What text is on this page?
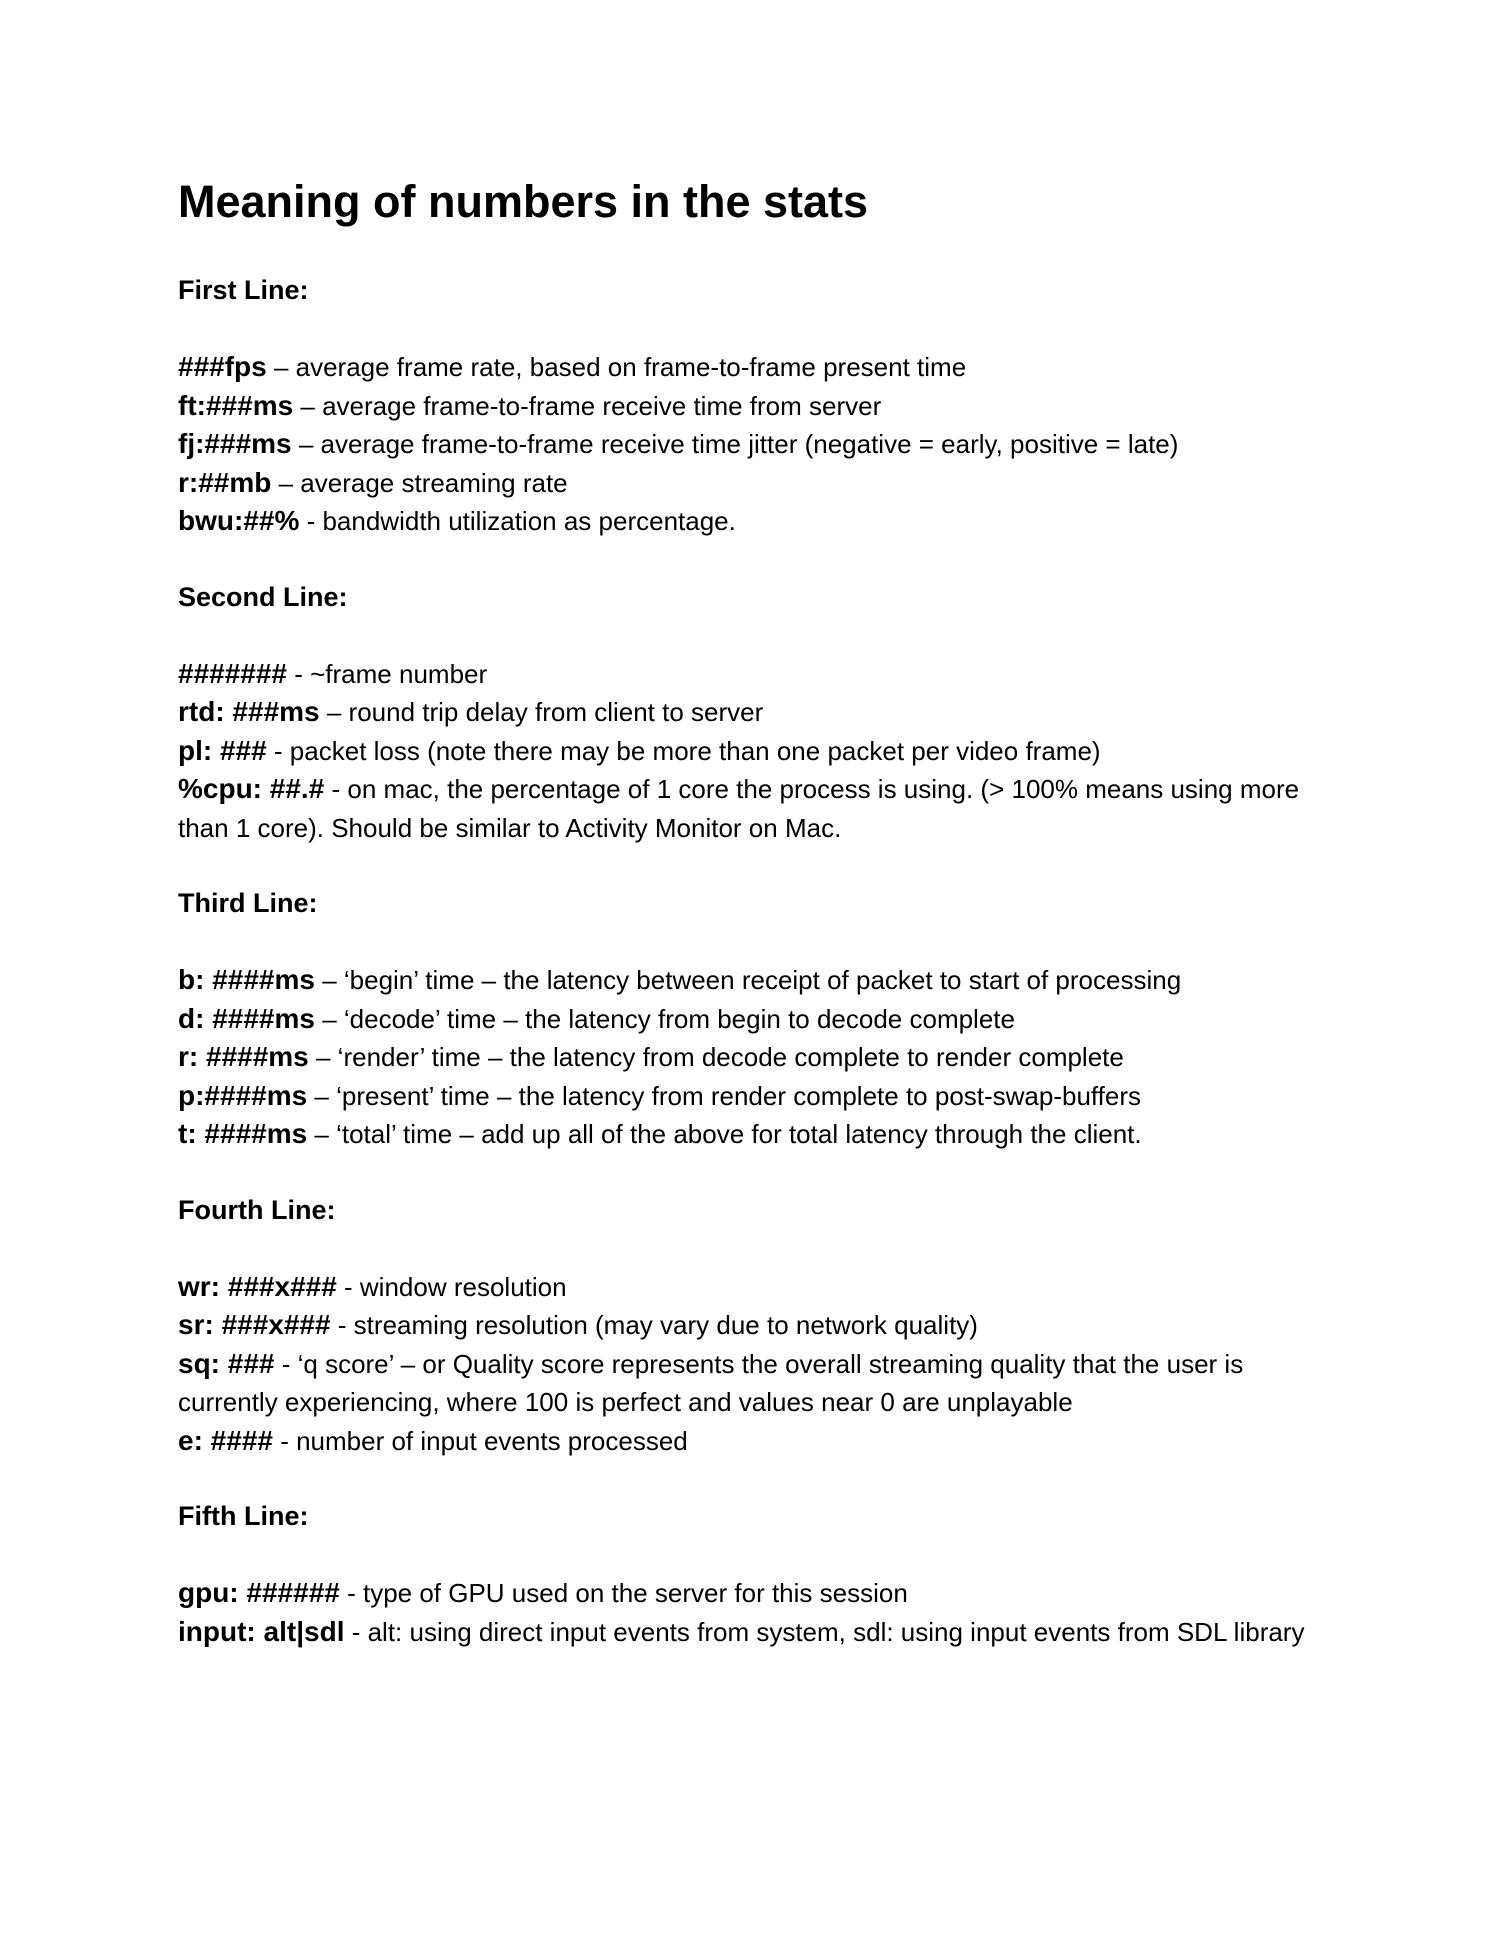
Meaning of numbers in the stats
First Line:
###fps – average frame rate, based on frame-to-frame present time
ft:###ms – average frame-to-frame receive time from server
fj:###ms – average frame-to-frame receive time jitter (negative = early, positive = late)
r:##mb – average streaming rate
bwu:##% - bandwidth utilization as percentage.
Second Line:
####### - ~frame number
rtd: ###ms – round trip delay from client to server
pl: ### - packet loss (note there may be more than one packet per video frame)
%cpu: ##.# - on mac, the percentage of 1 core the process is using. (> 100% means using more than 1 core). Should be similar to Activity Monitor on Mac.
Third Line:
b: ####ms – ‘begin’ time – the latency between receipt of packet to start of processing
d: ####ms – ‘decode’ time – the latency from begin to decode complete
r: ####ms – ‘render’ time – the latency from decode complete to render complete
p:####ms – ‘present’ time – the latency from render complete to post-swap-buffers
t: ####ms – ‘total’ time – add up all of the above for total latency through the client.
Fourth Line:
wr: ###x### - window resolution
sr: ###x### - streaming resolution (may vary due to network quality)
sq: ### - ‘q score’ – or Quality score represents the overall streaming quality that the user is currently experiencing, where 100 is perfect and values near 0 are unplayable
e: #### - number of input events processed
Fifth Line:
gpu: ###### - type of GPU used on the server for this session
input: alt|sdl - alt: using direct input events from system, sdl: using input events from SDL library
